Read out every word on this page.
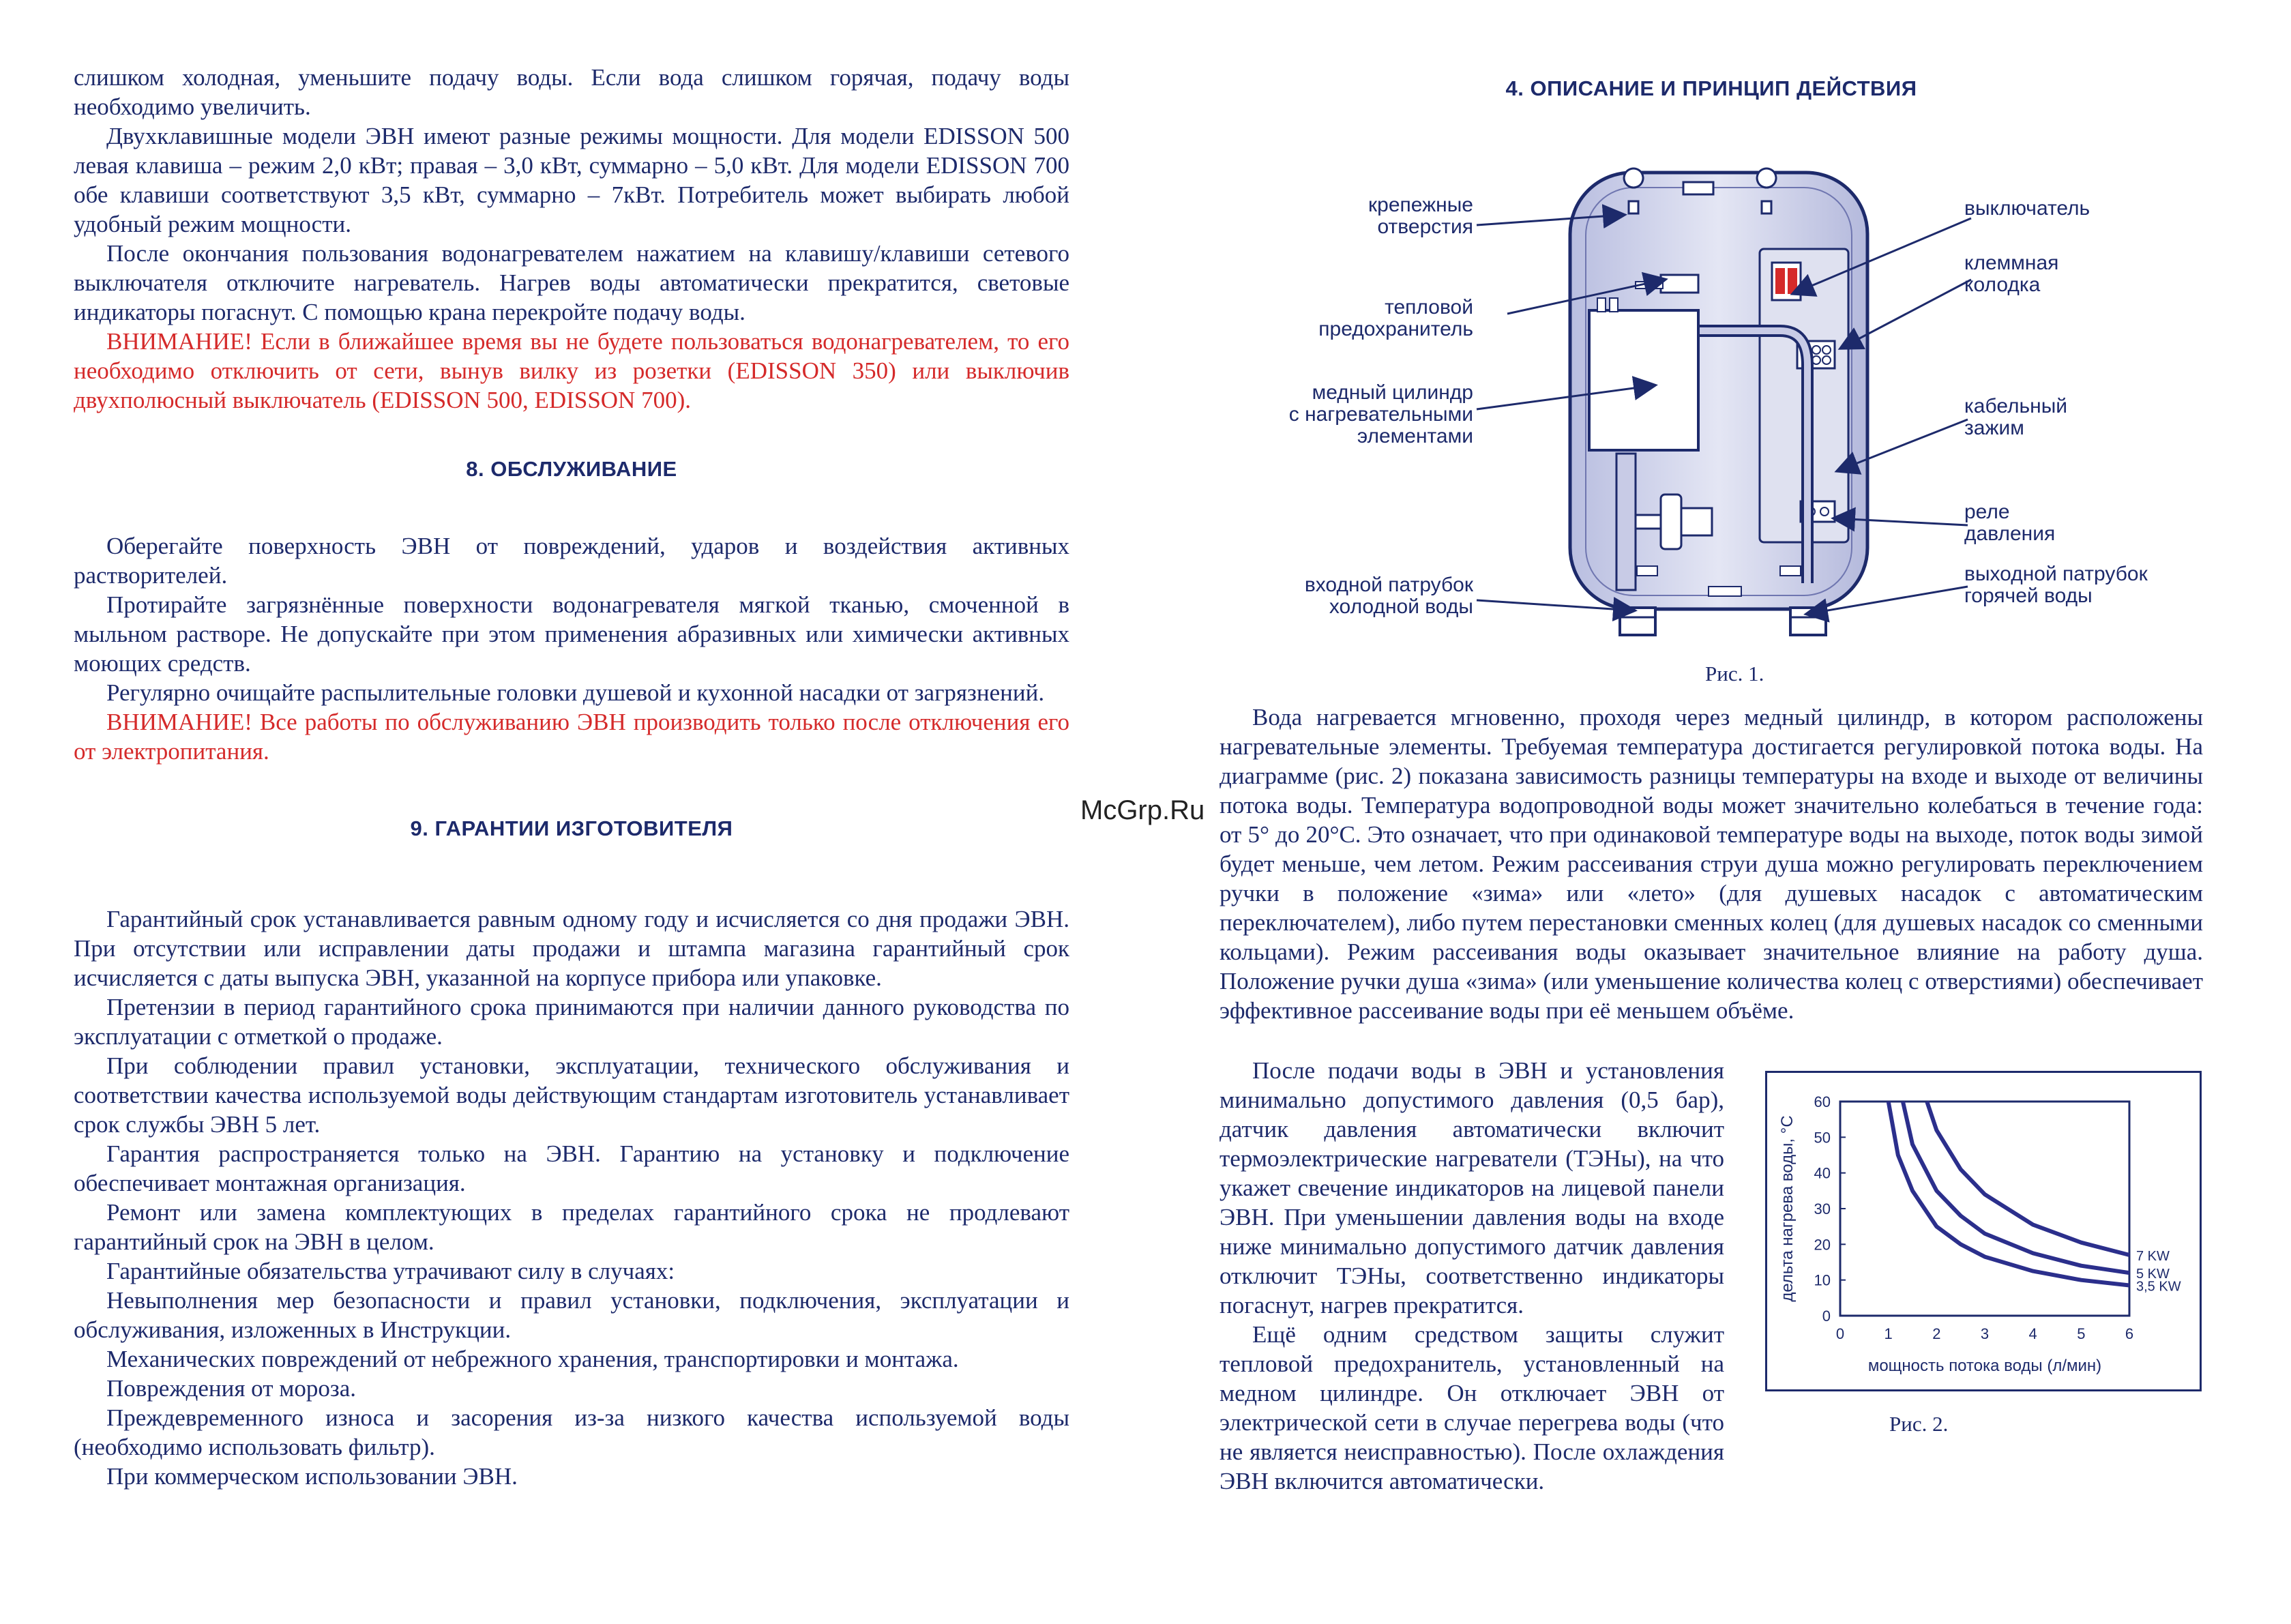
слишком холодная, уменьшите подачу воды. Если вода слишком горячая, подачу воды необходимо увеличить.

Двухклавишные модели ЭВН имеют разные режимы мощности. Для модели EDISSON 500 левая клавиша – режим 2,0 кВт; правая – 3,0 кВт, суммарно – 5,0 кВт. Для модели EDISSON 700 обе клавиши соответствуют 3,5 кВт, суммарно – 7кВт. Потребитель может выбирать любой удобный режим мощности.

После окончания пользования водонагревателем нажатием на клавишу/клавиши сетевого выключателя отключите нагреватель. Нагрев воды автоматически прекратится, световые индикаторы погаснут. С помощью крана перекройте подачу воды.

ВНИМАНИЕ! Если в ближайшее время вы не будете пользоваться водонагревателем, то его необходимо отключить от сети, вынув вилку из розетки (EDISSON 350) или выключив двухполюсный выключатель (EDISSON 500, EDISSON 700).

8. ОБСЛУЖИВАНИЕ

Оберегайте поверхность ЭВН от повреждений, ударов и воздействия активных растворителей.

Протирайте загрязнённые поверхности водонагревателя мягкой тканью, смоченной в мыльном растворе. Не допускайте при этом применения абразивных или химически активных моющих средств.

Регулярно очищайте распылительные головки душевой и кухонной насадки от загрязнений.

ВНИМАНИЕ! Все работы по обслуживанию ЭВН производить только после отключения его от электропитания.

9. ГАРАНТИИ ИЗГОТОВИТЕЛЯ

Гарантийный срок устанавливается равным одному году и исчисляется со дня продажи ЭВН. При отсутствии или исправлении даты продажи и штампа магазина гарантийный срок исчисляется с даты выпуска ЭВН, указанной на корпусе прибора или упаковке.

Претензии в период гарантийного срока принимаются при наличии данного руководства по эксплуатации с отметкой о продаже.

При соблюдении правил установки, эксплуатации, технического обслуживания и соответствии качества используемой воды действующим стандартам изготовитель устанавливает срок службы ЭВН 5 лет.

Гарантия распространяется только на ЭВН. Гарантию на установку и подключение обеспечивает монтажная организация.

Ремонт или замена комплектующих в пределах гарантийного срока не продлевают гарантийный срок на ЭВН в целом.

Гарантийные обязательства утрачивают силу в случаях:

Невыполнения мер безопасности и правил установки, подключения, эксплуатации и обслуживания, изложенных в Инструкции.

Механических повреждений от небрежного хранения, транспортировки и монтажа.

Повреждения от мороза.

Преждевременного износа и засорения из-за низкого качества используемой воды (необходимо использовать фильтр).

При коммерческом использовании ЭВН.

McGrp.Ru
4. ОПИСАНИЕ И ПРИНЦИП ДЕЙСТВИЯ
крепежные
отверстия
тепловой
предохранитель
медный цилиндр
с нагревательными
элементами
входной патрубок
холодной воды
выключатель
клеммная
колодка
кабельный
зажим
реле
давления
выходной патрубок
горячей воды
Рис. 1.

Вода нагревается мгновенно, проходя через медный цилиндр, в котором расположены нагревательные элементы. Требуемая температура достигается регулировкой потока воды. На диаграмме (рис. 2) показана зависимость разницы температуры на входе и выходе от величины потока воды. Температура водопроводной воды может значительно колебаться в течение года: от 5° до 20°С. Это означает, что при одинаковой температуре воды на выходе, поток воды зимой будет меньше, чем летом. Режим рассеивания струи душа можно регулировать переключением ручки в положение «зима» или «лето» (для душевых насадок с автоматическим переключателем), либо путем перестановки сменных колец (для душевых насадок со сменными кольцами). Режим рассеивания воды оказывает значительное влияние на работу душа. Положение ручки душа «зима» (или уменьшение количества колец с отверстиями) обеспечивает эффективное рассеивание воды при её меньшем объёме.

После подачи воды в ЭВН и установления минимально допустимого давления (0,5 бар), датчик давления автоматически включит термоэлектрические нагреватели (ТЭНы), на что укажет свечение индикаторов на лицевой панели ЭВН. При уменьшении давления воды на входе ниже минимально допустимого датчик давления отключит ТЭНы, соответственно индикаторы погаснут, нагрев прекратится.

Ещё одним средством защиты служит тепловой предохранитель, установленный на медном цилиндре. Он отключает ЭВН от электрической сети в случае перегрева воды (что не является неисправностью). После охлаждения ЭВН включится автоматически.

0
10
20
30
40
50
60
0	1	2	3	4	5	6
3,5 KW
5 KW
7 KW
мощность потока воды (л/мин)
дельта нагрева воды, °С
Рис. 2.
